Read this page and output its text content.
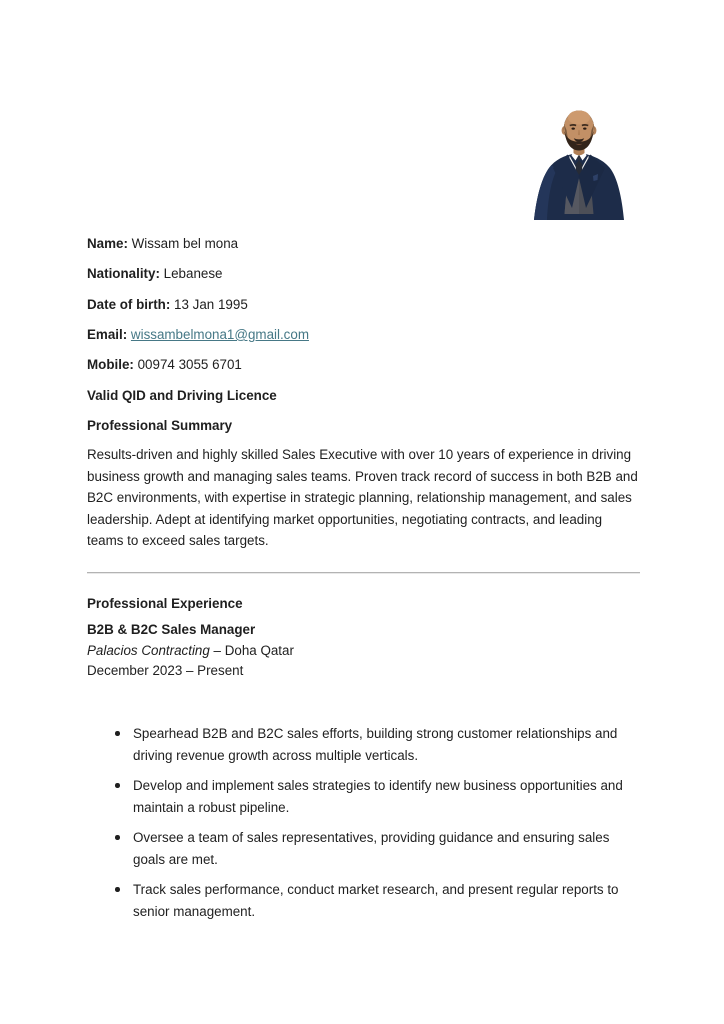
Name: Wissam bel mona

Nationality: Lebanese

Date of birth: 13 Jan 1995

Email: wissambelmona1@gmail.com

Mobile: 00974 3055 6701

Valid QID and Driving Licence

Professional Summary

Results-driven and highly skilled Sales Executive with over 10 years of experience in driving business growth and managing sales teams. Proven track record of success in both B2B and B2C environments, with expertise in strategic planning, relationship management, and sales leadership. Adept at identifying market opportunities, negotiating contracts, and leading teams to exceed sales targets.

Professional Experience

B2B & B2C Sales Manager
Palacios Contracting – Doha Qatar
December 2023 – Present
Spearhead B2B and B2C sales efforts, building strong customer relationships and driving revenue growth across multiple verticals.
Develop and implement sales strategies to identify new business opportunities and maintain a robust pipeline.
Oversee a team of sales representatives, providing guidance and ensuring sales goals are met.
Track sales performance, conduct market research, and present regular reports to senior management.
